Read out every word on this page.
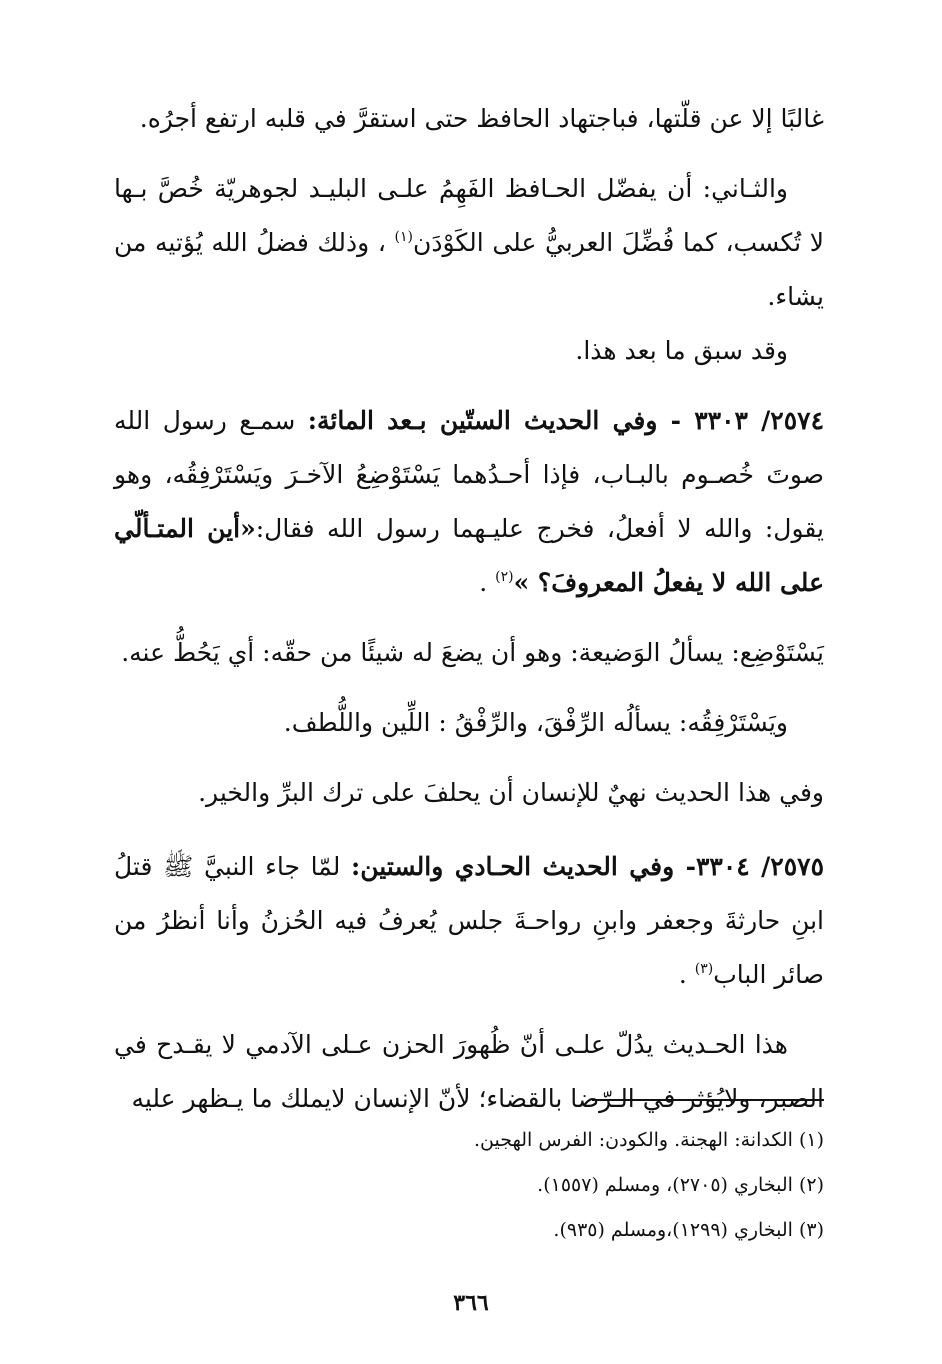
غالبًا إلا عن قلّتها، فباجتهاد الحافظ حتى استقرَّ في قلبه ارتفع أجرُه.

والثـاني: أن يفضّل الحـافظ الفَهِمُ علـى البليـد لجوهريّة خُصَّ بـها لا تُكسب، كما فُضِّلَ العربيُّ على الكَوْدَن$^{(١)}$ ، وذلك فضلُ الله يُؤتيه من يشاء.

وقد سبق ما بعد هذا.

٢٥٧٤/ ٣٣٠٣ - وفي الحديث الستّين بـعد المائة: سمـع رسول الله صوتَ خُصـوم بالبـاب، فإذا أحـدُهما يَسْتَوْضِعُ الآخـرَ ويَسْتَرْفِقُه، وهو يقول: والله لا أفعلُ، فخرج عليـهما رسول الله فقال:«أين المتـألّي على الله لا يفعلُ المعروفَ؟ »$^{(٢)}$ .

يَسْتَوْضِع: يسألُ الوَضيعة: وهو أن يضعَ له شيئًا من حقّه: أي يَحُطُّ عنه.

ويَسْتَرْفِقُه: يسألُه الرِّفْقَ، والرِّفْقُ : اللِّين واللُّطف.

وفي هذا الحديث نهيٌ للإنسان أن يحلفَ على ترك البرِّ والخير.

٢٥٧٥/ ٣٣٠٤- وفي الحديث الحـادي والستين: لمّا جاء النبيَّ ﷺ قتلُ ابنِ حارثةَ وجعفر وابنِ رواحـةَ جلس يُعرفُ فيه الحُزنُ وأنا أنظرُ من صائر الباب$^{(٣)}$ .

هذا الحـديث يدُلّ علـى أنّ ظُهورَ الحزن عـلى الآدمي لا يقـدح في الصبر، ولايُؤثر في الـرّضا بالقضاء؛ لأنّ الإنسان لايملك ما يـظهر عليه

(١) الكدانة: الهجنة. والكودن: الفرس الهجين.

(٢) البخاري (٢٧٠٥)، ومسلم (١٥٥٧).

(٣) البخاري (١٢٩٩)،ومسلم (٩٣٥).

٣٦٦
